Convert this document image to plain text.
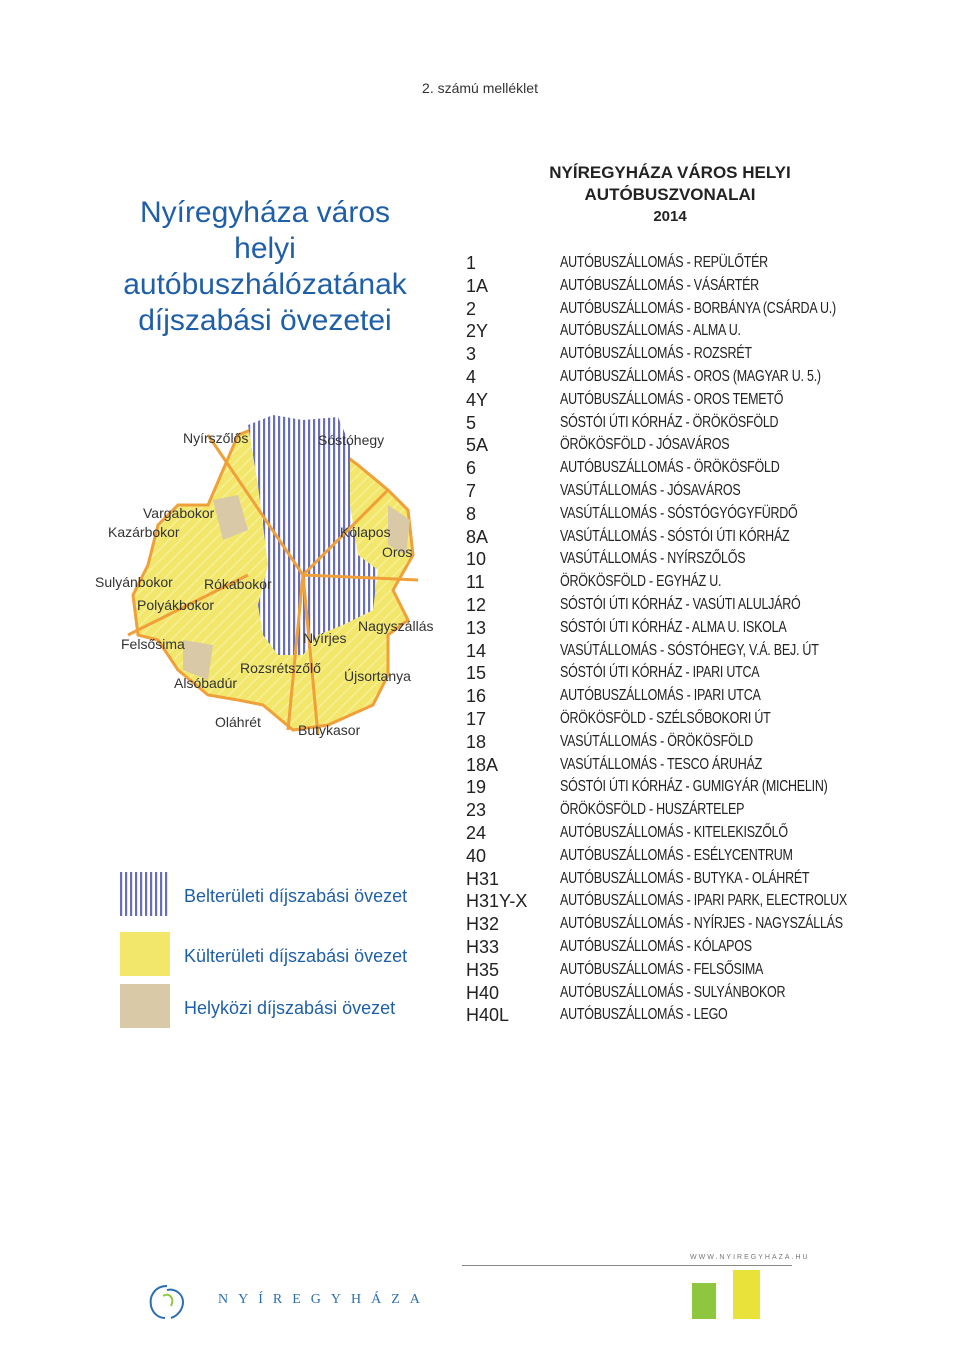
2. számú melléklet
Nyíregyháza város
helyi autóbuszhálózatának
díjszabási övezetei
Nyírszőlős	Sóstóhegy
Vargabokor
Kazárbokor	Kólapos
Oros
Sulyánbokor Rókabokor
Polyákbokor
Nagyszállás
Felsősima	Nyírjes
Rozsrétszőlő
Alsóbadúr	Újsortanya
Oláhrét	Butykasor
Belterületi díjszabási övezet
Külterületi díjszabási övezet
Helyközi díjszabási övezet
NYÍREGYHÁZA VÁROS HELYI
AUTÓBUSZVONALAI
2014
1	AUTÓBUSZÁLLOMÁS - REPÜLŐTÉR
1A	AUTÓBUSZÁLLOMÁS - VÁSÁRTÉR
2	AUTÓBUSZÁLLOMÁS - BORBÁNYA (CSÁRDA U.)
2Y	AUTÓBUSZÁLLOMÁS - ALMA U.
3	AUTÓBUSZÁLLOMÁS - ROZSRÉT
4	AUTÓBUSZÁLLOMÁS - OROS (MAGYAR U. 5.)
4Y	AUTÓBUSZÁLLOMÁS - OROS TEMETŐ
5	SÓSTÓI ÚTI KÓRHÁZ - ÖRÖKÖSFÖLD
5A	ÖRÖKÖSFÖLD - JÓSAVÁROS
6	AUTÓBUSZÁLLOMÁS - ÖRÖKÖSFÖLD
7	VASÚTÁLLOMÁS - JÓSAVÁROS
8	VASÚTÁLLOMÁS - SÓSTÓGYÓGYFÜRDŐ
8A	VASÚTÁLLOMÁS - SÓSTÓI ÚTI KÓRHÁZ
10	VASÚTÁLLOMÁS - NYÍRSZŐLŐS
11	ÖRÖKÖSFÖLD - EGYHÁZ U.
12	SÓSTÓI ÚTI KÓRHÁZ - VASÚTI ALULJÁRÓ
13	SÓSTÓI ÚTI KÓRHÁZ - ALMA U. ISKOLA
14	VASÚTÁLLOMÁS - SÓSTÓHEGY, V.Á. BEJ. ÚT
15	SÓSTÓI ÚTI KÓRHÁZ - IPARI UTCA
16	AUTÓBUSZÁLLOMÁS - IPARI UTCA
17	ÖRÖKÖSFÖLD - SZÉLSŐBOKORI ÚT
18	VASÚTÁLLOMÁS - ÖRÖKÖSFÖLD
18A	VASÚTÁLLOMÁS - TESCO ÁRUHÁZ
19	SÓSTÓI ÚTI KÓRHÁZ - GUMIGYÁR (MICHELIN)
23	ÖRÖKÖSFÖLD - HUSZÁRTELEP
24	AUTÓBUSZÁLLOMÁS - KITELEKISZŐLŐ
40	AUTÓBUSZÁLLOMÁS - ESÉLYCENTRUM
H31	AUTÓBUSZÁLLOMÁS - BUTYKA - OLÁHRÉT
H31Y-X AUTÓBUSZÁLLOMÁS - IPARI PARK, ELECTROLUX
H32	AUTÓBUSZÁLLOMÁS - NYÍRJES - NAGYSZÁLLÁS
H33	AUTÓBUSZÁLLOMÁS - KÓLAPOS
H35	AUTÓBUSZÁLLOMÁS - FELSŐSIMA
H40	AUTÓBUSZÁLLOMÁS - SULYÁNBOKOR
H40L	AUTÓBUSZÁLLOMÁS - LEGO
WWW.NYIREGYHAZA.HU
NYÍREGYHÁZA
